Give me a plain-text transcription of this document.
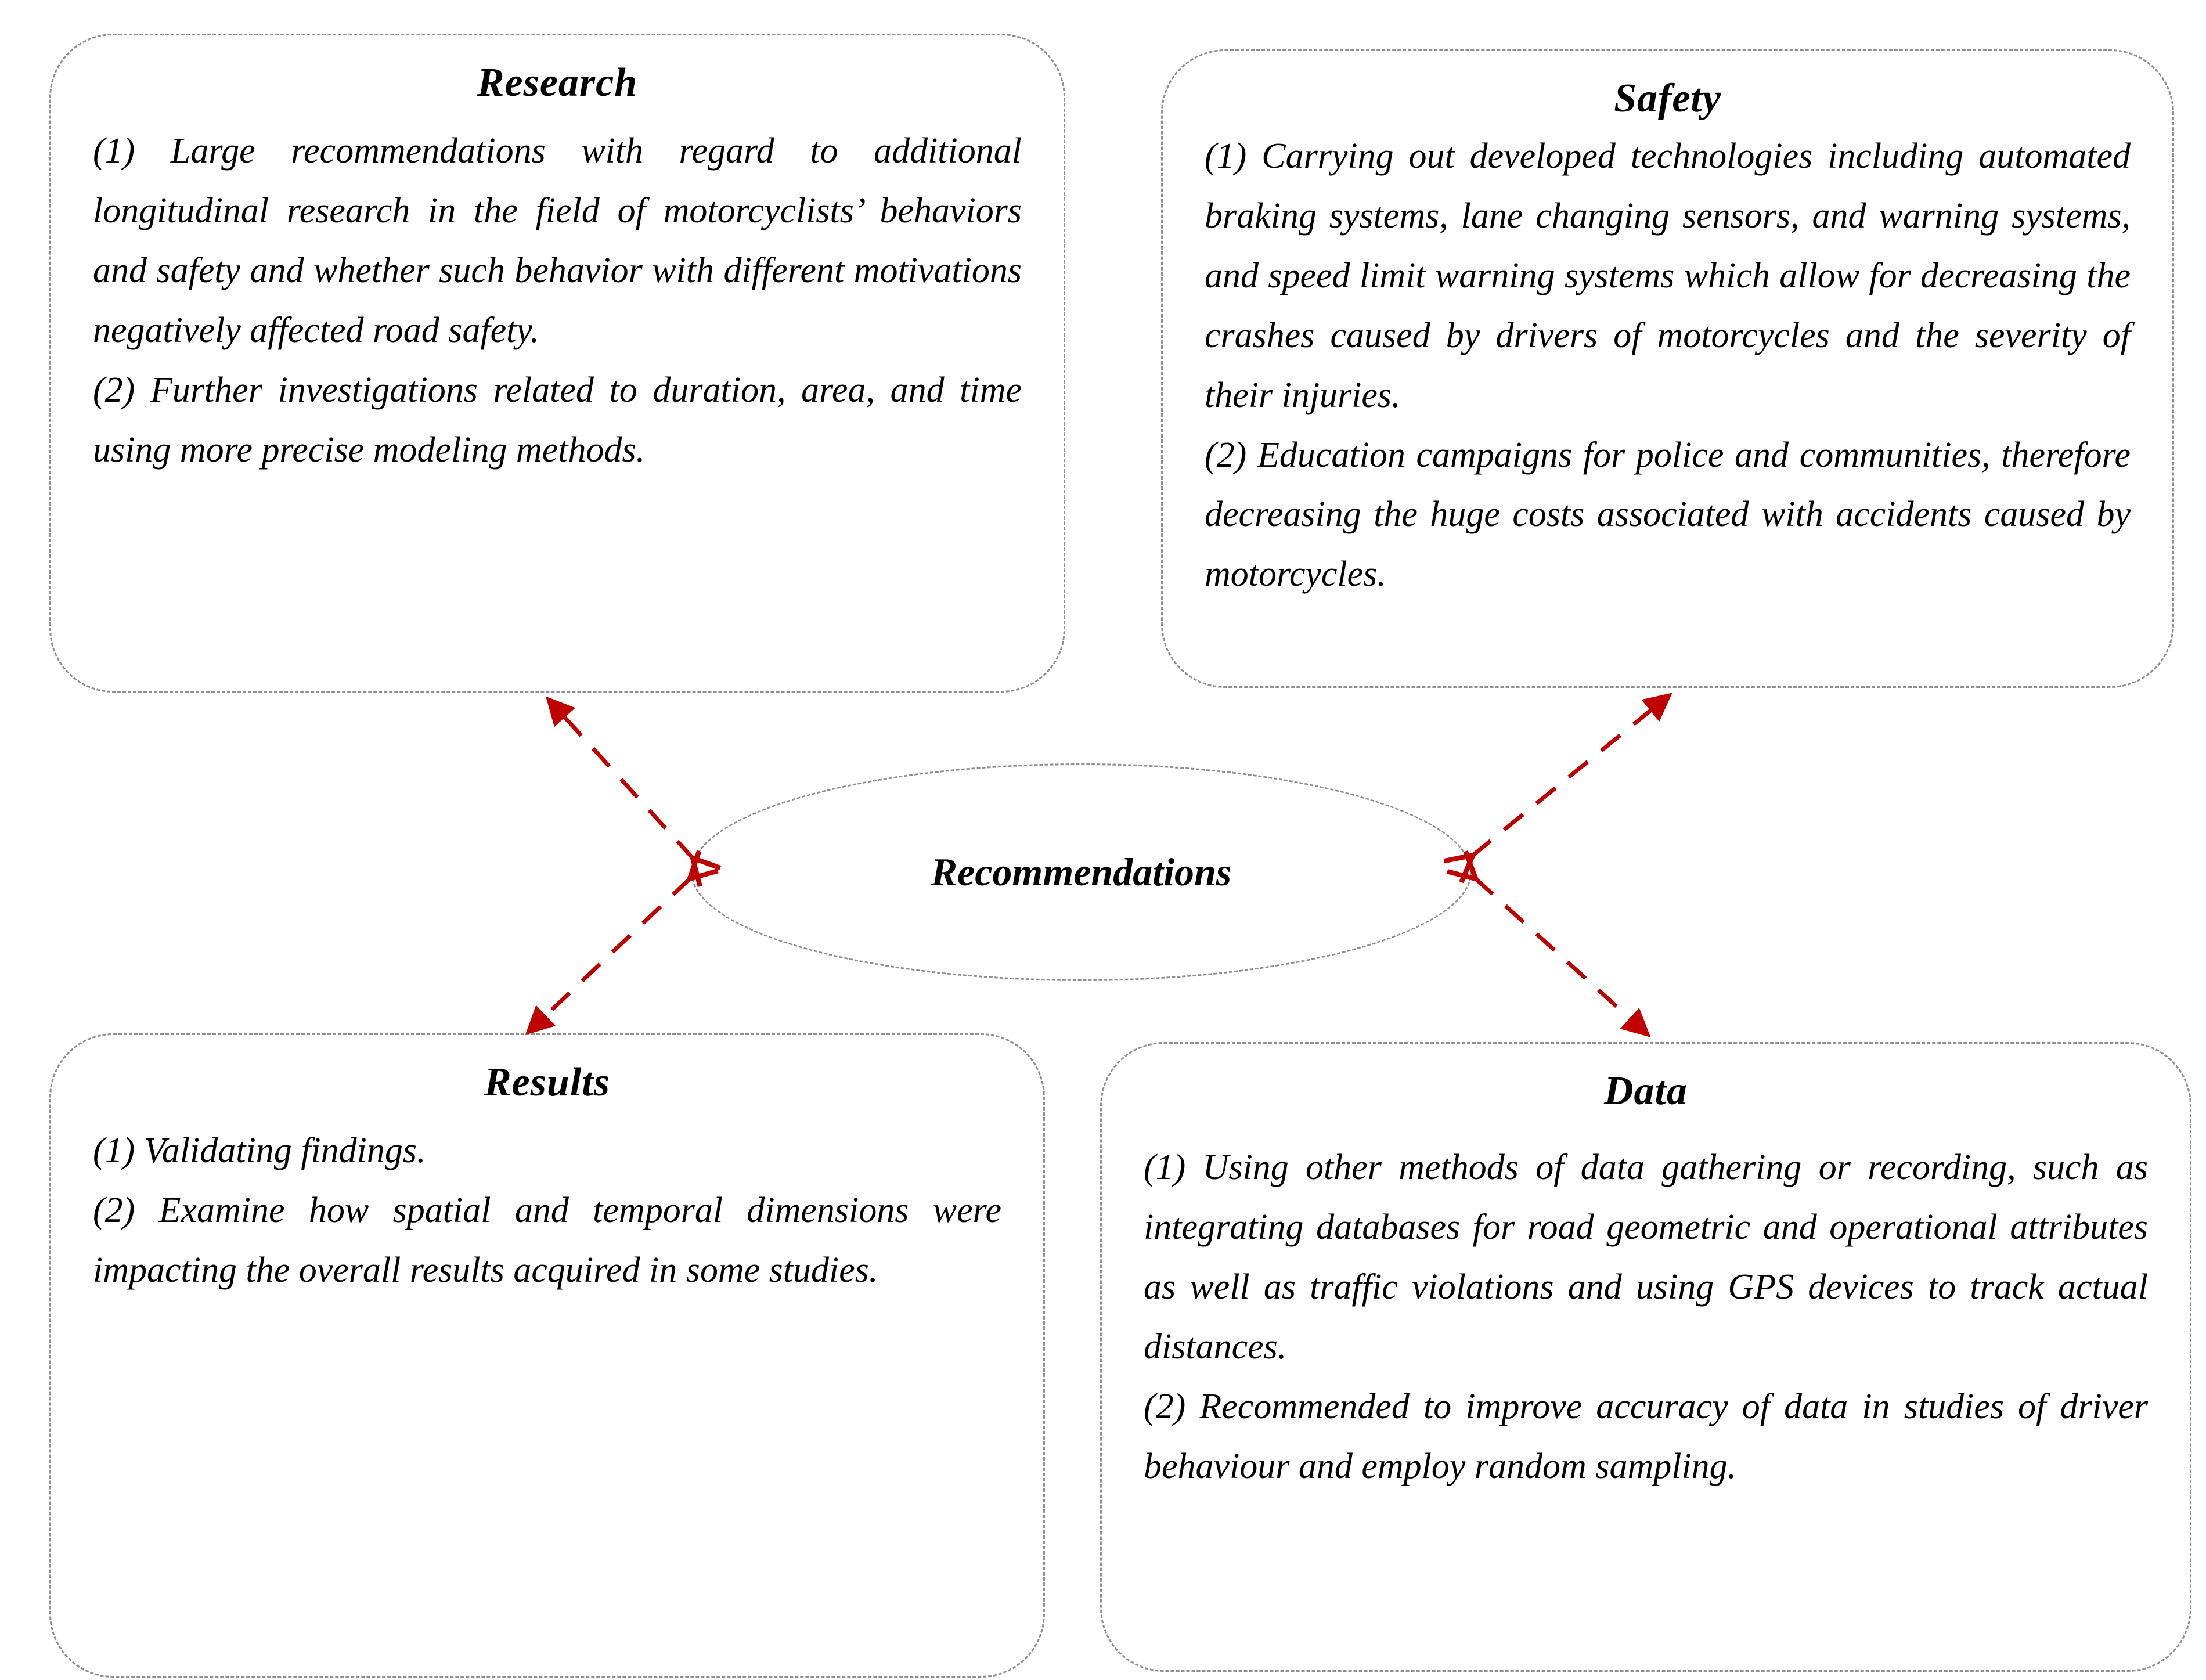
Research

(1) Large recommendations with regard to additional longitudinal research in the field of motorcyclists’ behaviors and safety and whether such behavior with different motivations negatively affected road safety.

(2) Further investigations related to duration, area, and time using more precise modeling methods.

Safety

(1) Carrying out developed technologies including automated braking systems, lane changing sensors, and warning systems, and speed limit warning systems which allow for decreasing the crashes caused by drivers of motorcycles and the severity of their injuries.

(2) Education campaigns for police and communities, therefore decreasing the huge costs associated with accidents caused by motorcycles.

Recommendations
Results

(1) Validating findings.

(2) Examine how spatial and temporal dimensions were impacting the overall results acquired in some studies.

Data

(1) Using other methods of data gathering or recording, such as integrating databases for road geometric and operational attributes as well as traffic violations and using GPS devices to track actual distances.

(2) Recommended to improve accuracy of data in studies of driver behaviour and employ random sampling.
